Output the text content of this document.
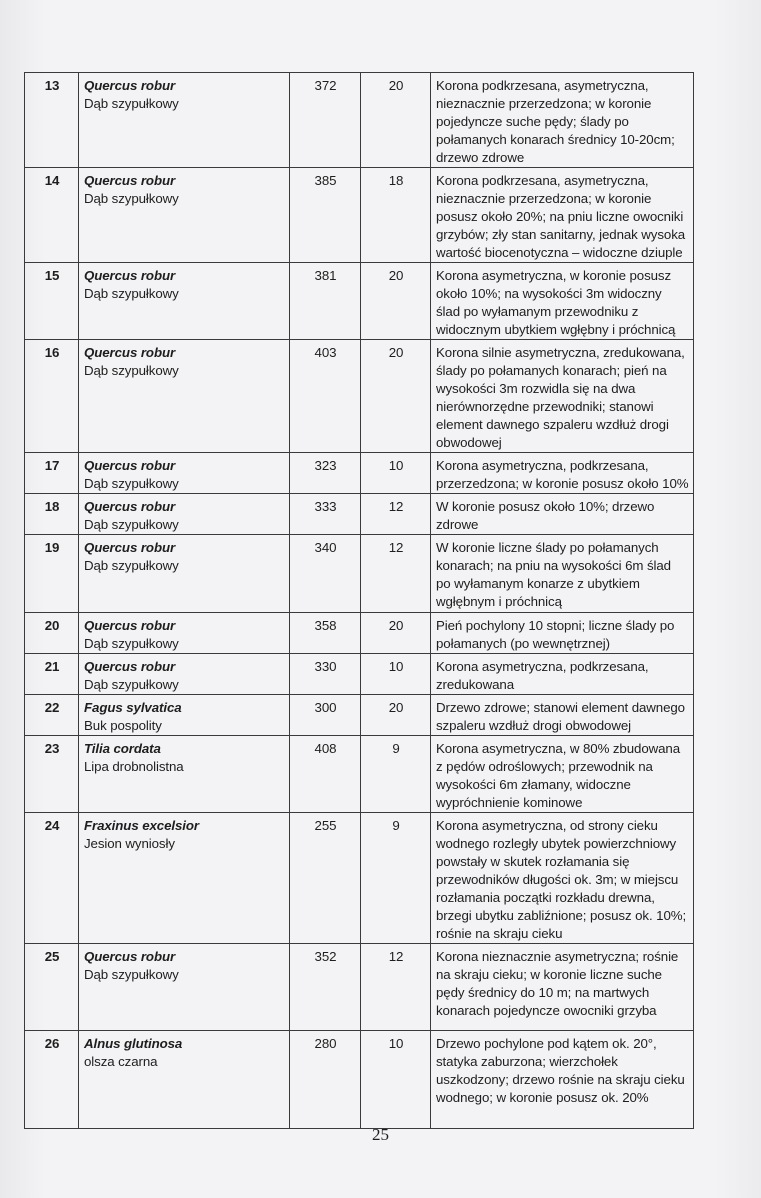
13	Quercus robur
Dąb szypułkowy	372	20	Korona podkrzesana, asymetryczna, nieznacznie przerzedzona; w koronie pojedyncze suche pędy; ślady po połamanych konarach średnicy 10-20cm; drzewo zdrowe
14	Quercus robur
Dąb szypułkowy	385	18	Korona podkrzesana, asymetryczna, nieznacznie przerzedzona; w koronie posusz około 20%; na pniu liczne owocniki grzybów; zły stan sanitarny, jednak wysoka wartość biocenotyczna – widoczne dziuple
15	Quercus robur
Dąb szypułkowy	381	20	Korona asymetryczna, w koronie posusz około 10%; na wysokości 3m widoczny ślad po wyłamanym przewodniku z widocznym ubytkiem wgłębny i próchnicą
16	Quercus robur
Dąb szypułkowy	403	20	Korona silnie asymetryczna, zredukowana, ślady po połamanych konarach; pień na wysokości 3m rozwidla się na dwa nierównorzędne przewodniki; stanowi element dawnego szpaleru wzdłuż drogi obwodowej
17	Quercus robur
Dąb szypułkowy	323	10	Korona asymetryczna, podkrzesana, przerzedzona; w koronie posusz około 10%
18	Quercus robur
Dąb szypułkowy	333	12	W koronie posusz około 10%; drzewo zdrowe
19	Quercus robur
Dąb szypułkowy	340	12	W koronie liczne ślady po połamanych konarach; na pniu na wysokości 6m ślad po wyłamanym konarze z ubytkiem wgłębnym i próchnicą
20	Quercus robur
Dąb szypułkowy	358	20	Pień pochylony 10 stopni; liczne ślady po połamanych (po wewnętrznej)
21	Quercus robur
Dąb szypułkowy	330	10	Korona asymetryczna, podkrzesana, zredukowana
22	Fagus sylvatica
Buk pospolity	300	20	Drzewo zdrowe; stanowi element dawnego szpaleru wzdłuż drogi obwodowej
23	Tilia cordata
Lipa drobnolistna	408	9	Korona asymetryczna, w 80% zbudowana z pędów odroślowych; przewodnik na wysokości 6m złamany, widoczne wypróchnienie kominowe
24	Fraxinus excelsior
Jesion wyniosły	255	9	Korona asymetryczna, od strony cieku wodnego rozległy ubytek powierzchniowy powstały w skutek rozłamania się przewodników długości ok. 3m; w miejscu rozłamania początki rozkładu drewna, brzegi ubytku zabliźnione; posusz ok. 10%; rośnie na skraju cieku
25	Quercus robur
Dąb szypułkowy	352	12	Korona nieznacznie asymetryczna; rośnie na skraju cieku; w koronie liczne suche pędy średnicy do 10 m; na martwych konarach pojedyncze owocniki grzyba
26	Alnus glutinosa
olsza czarna	280	10	Drzewo pochylone pod kątem ok. 20°, statyka zaburzona; wierzchołek uszkodzony; drzewo rośnie na skraju cieku wodnego; w koronie posusz ok. 20%
25
